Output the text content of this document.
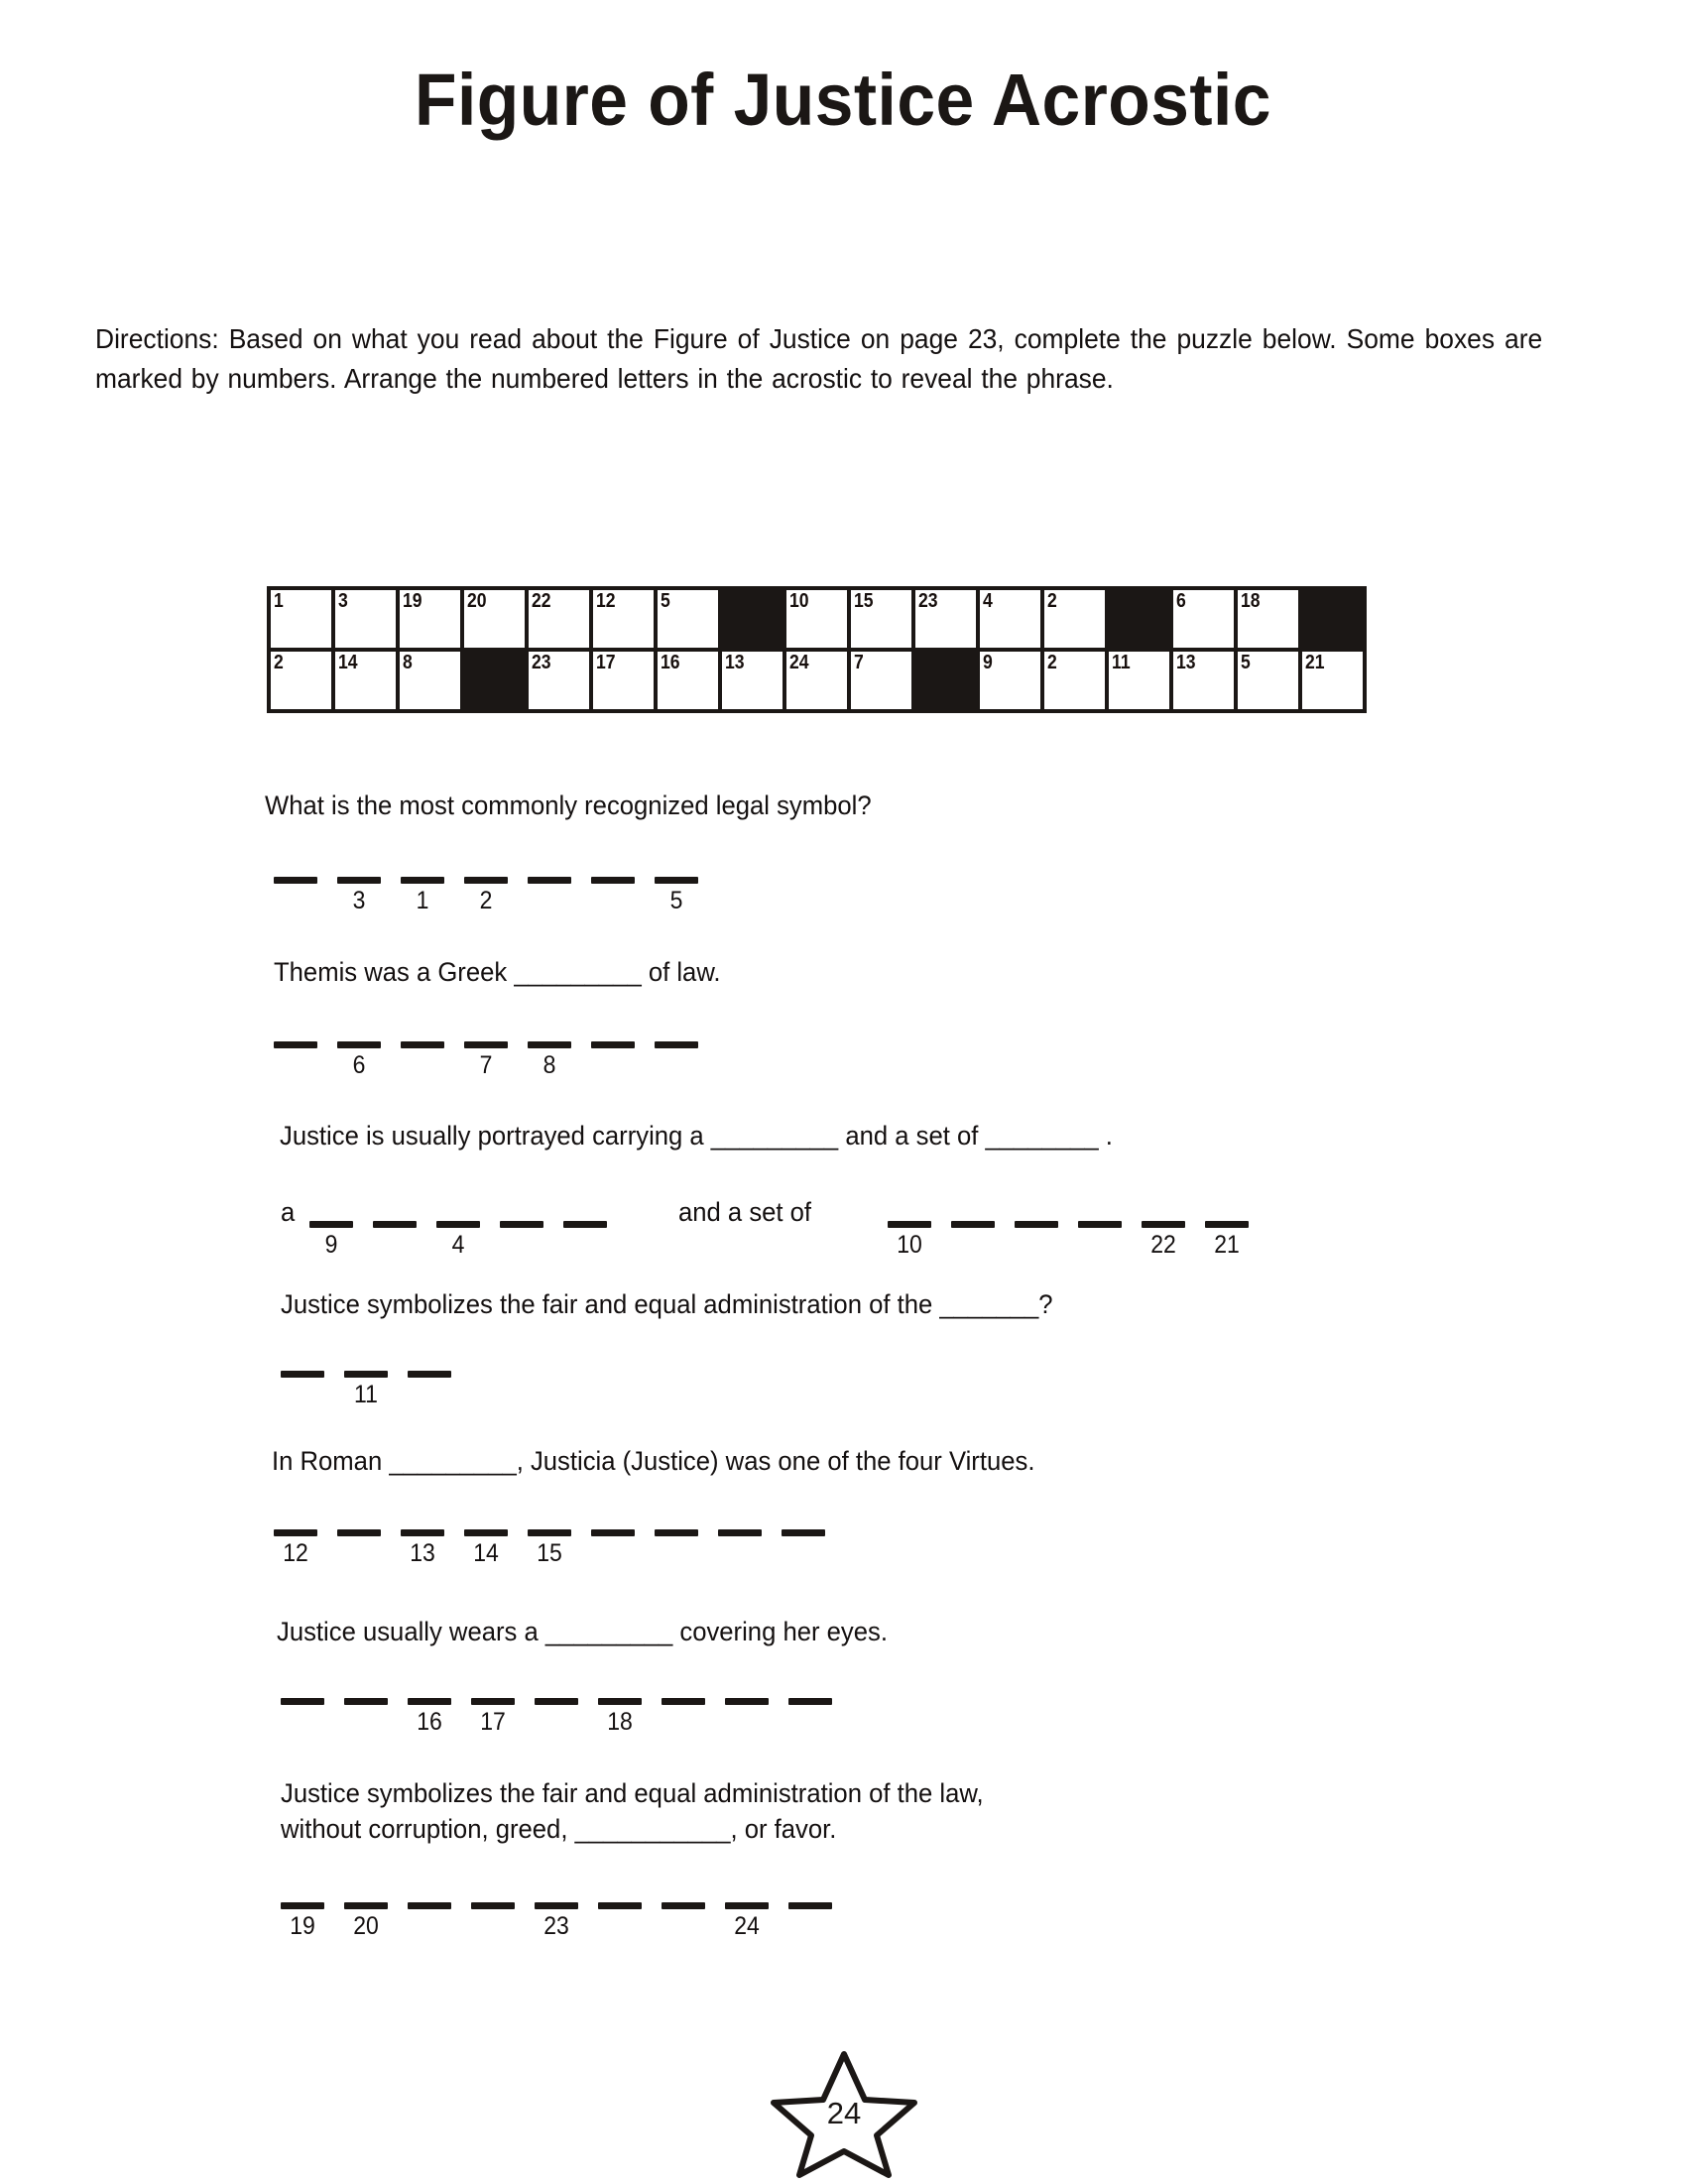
Figure of Justice Acrostic
Directions: Based on what you read about the Figure of Justice on page 23, complete the puzzle below. Some boxes are marked by numbers. Arrange the numbered letters in the acrostic to reveal the phrase.
1	3	19 20 22 12 5	10 15 23 4	2	6	18
2	14 8	23 17 16 13 24 7	9	2	11 13 5	21
What is the most commonly recognized legal symbol?
3	1	2	5
Themis was a Greek _________ of law.
6	7	8
Justice is usually portrayed carrying a _________ and a set of ________ .
a
9	4
and a set of
10	22 21
Justice symbolizes the fair and equal administration of the _______?
11
In Roman _________, Justicia (Justice) was one of the four Virtues.
12	13 14 15
Justice usually wears a _________ covering her eyes.
16 17	18
Justice symbolizes the fair and equal administration of the law, without corruption, greed, ___________, or favor.
19 20	23	24
24
